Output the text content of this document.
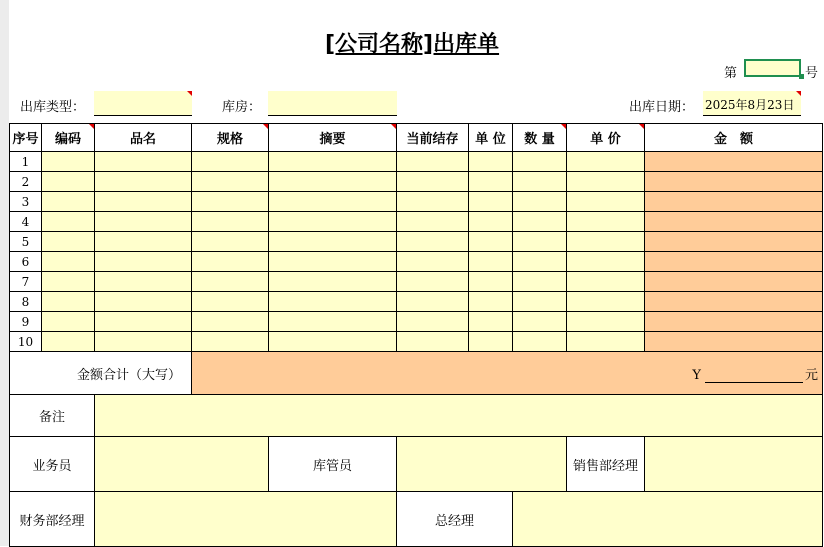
[公司名称]出库单
第	号
出库类型：	库房：	出库日期： 2025年8月23日
序号	编码	品名	规格	摘要	当前结存	单 位	数 量	单 价	金　额
1									
2									
3									
4									
5									
6									
7									
8									
9									
10									
金额合计（大写）			Y 元						
备注									
业务员				库管员				销售部经理	
财务部经理					总经理				
